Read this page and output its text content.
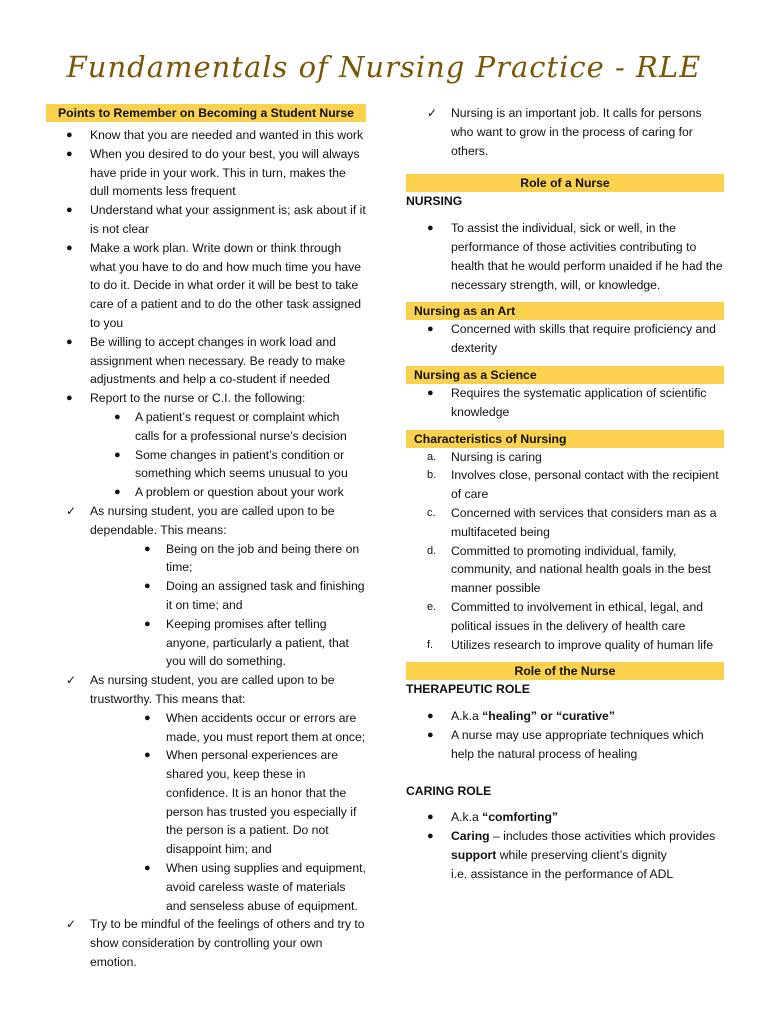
Fundamentals of Nursing Practice - RLE
Points to Remember on Becoming a Student Nurse
● Know that you are needed and wanted in this work
● When you desired to do your best, you will always have pride in your work. This in turn, makes the dull moments less frequent
● Understand what your assignment is; ask about if it is not clear
● Make a work plan. Write down or think through what you have to do and how much time you have to do it. Decide in what order it will be best to take care of a patient and to do the other task assigned to you
● Be willing to accept changes in work load and assignment when necessary. Be ready to make adjustments and help a co-student if needed
● Report to the nurse or C.I. the following:
● A patient’s request or complaint which calls for a professional nurse’s decision
● Some changes in patient’s condition or something which seems unusual to you
● A problem or question about your work
✓ As nursing student, you are called upon to be dependable. This means:
● Being on the job and being there on time;
● Doing an assigned task and finishing it on time; and
● Keeping promises after telling anyone, particularly a patient, that you will do something.
✓ As nursing student, you are called upon to be trustworthy. This means that:
● When accidents occur or errors are made, you must report them at once;
● When personal experiences are shared you, keep these in confidence. It is an honor that the person has trusted you especially if the person is a patient. Do not disappoint him; and
● When using supplies and equipment, avoid careless waste of materials and senseless abuse of equipment.
✓ Try to be mindful of the feelings of others and try to show consideration by controlling your own emotion.
✓ Nursing is an important job. It calls for persons who want to grow in the process of caring for others.
Role of a Nurse
NURSING
● To assist the individual, sick or well, in the performance of those activities contributing to health that he would perform unaided if he had the necessary strength, will, or knowledge.
Nursing as an Art
● Concerned with skills that require proficiency and dexterity
Nursing as a Science
● Requires the systematic application of scientific knowledge
Characteristics of Nursing
a. Nursing is caring
b. Involves close, personal contact with the recipient of care
c. Concerned with services that considers man as a multifaceted being
d. Committed to promoting individual, family, community, and national health goals in the best manner possible
e. Committed to involvement in ethical, legal, and political issues in the delivery of health care
f. Utilizes research to improve quality of human life
Role of the Nurse
THERAPEUTIC ROLE
● A.k.a “healing” or “curative”
● A nurse may use appropriate techniques which help the natural process of healing
CARING ROLE
● A.k.a “comforting”
● Caring – includes those activities which provides support while preserving client’s dignity
i.e. assistance in the performance of ADL
